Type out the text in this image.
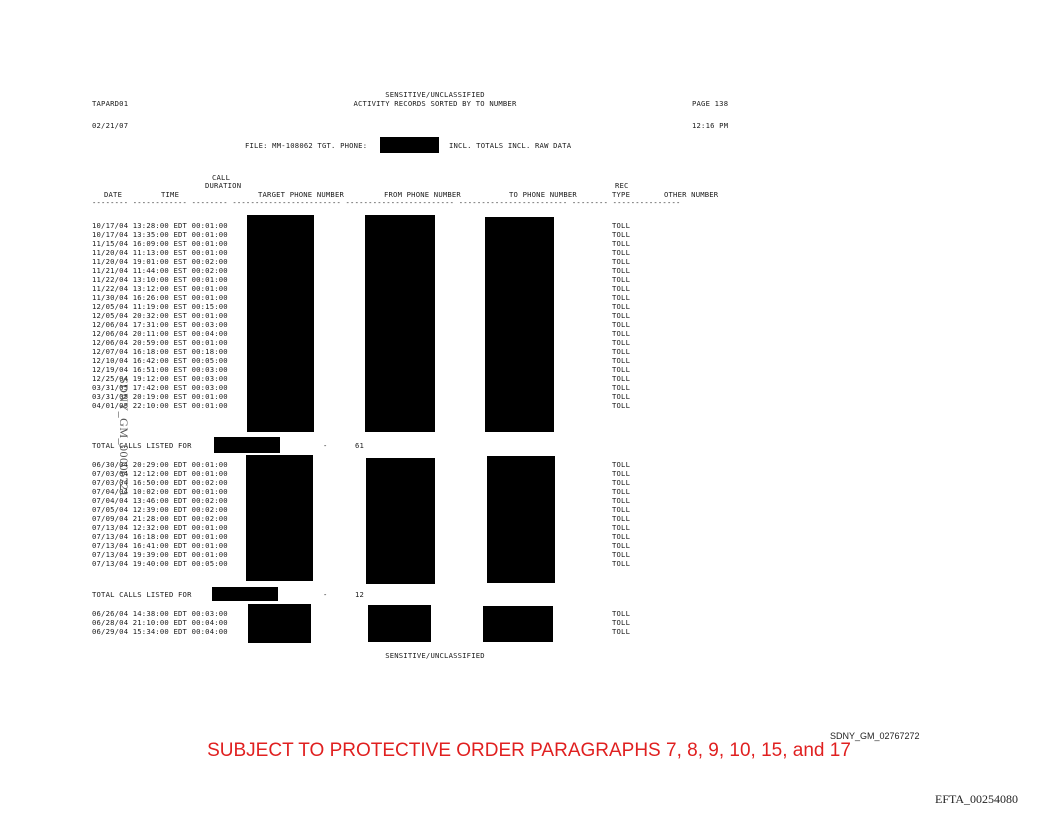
SENSITIVE/UNCLASSIFIED
ACTIVITY RECORDS SORTED BY TO NUMBER
TAPARD01	PAGE 138
02/21/07	12:16 PM
FILE: MM-108062 TGT. PHONE:	INCL. TOTALS INCL. RAW DATA
CALL
DURATION	REC
DATE	TIME	TARGET PHONE NUMBER	FROM PHONE NUMBER	TO PHONE NUMBER	TYPE	OTHER NUMBER
-------- ------------ -------- ------------------------ ------------------------ ------------------------ -------- ---------------
10/17/04 13:28:00 EDT 00:01:00	TOLL
10/17/04 13:35:00 EDT 00:01:00	TOLL
11/15/04 16:09:00 EST 00:01:00	TOLL
11/20/04 11:13:00 EST 00:01:00	TOLL
11/20/04 19:01:00 EST 00:02:00	TOLL
11/21/04 11:44:00 EST 00:02:00	TOLL
11/22/04 13:10:00 EST 00:01:00	TOLL
11/22/04 13:12:00 EST 00:01:00	TOLL
11/30/04 16:26:00 EST 00:01:00	TOLL
12/05/04 11:19:00 EST 00:15:00	TOLL
12/05/04 20:32:00 EST 00:01:00	TOLL
12/06/04 17:31:00 EST 00:03:00	TOLL
12/06/04 20:11:00 EST 00:04:00	TOLL
12/06/04 20:59:00 EST 00:01:00	TOLL
12/07/04 16:18:00 EST 00:18:00	TOLL
12/10/04 16:42:00 EST 00:05:00	TOLL
12/19/04 16:51:00 EST 00:03:00	TOLL
12/25/04 19:12:00 EST 00:03:00	TOLL
03/31/05 17:42:00 EST 00:03:00	TOLL
03/31/05 20:19:00 EST 00:01:00	TOLL
04/01/05 22:10:00 EST 00:01:00	TOLL
TOTAL CALLS LISTED FOR	-	61
06/30/04 20:29:00 EDT 00:01:00	TOLL
07/03/04 12:12:00 EDT 00:01:00	TOLL
07/03/04 16:50:00 EDT 00:02:00	TOLL
07/04/04 10:02:00 EDT 00:01:00	TOLL
07/04/04 13:46:00 EDT 00:02:00	TOLL
07/05/04 12:39:00 EDT 00:02:00	TOLL
07/09/04 21:28:00 EDT 00:02:00	TOLL
07/13/04 12:32:00 EDT 00:01:00	TOLL
07/13/04 16:18:00 EDT 00:01:00	TOLL
07/13/04 16:41:00 EDT 00:01:00	TOLL
07/13/04 19:39:00 EDT 00:01:00	TOLL
07/13/04 19:40:00 EDT 00:05:00	TOLL
TOTAL CALLS LISTED FOR	-	12
06/26/04 14:38:00 EDT 00:03:00	TOLL
06/28/04 21:10:00 EDT 00:04:00	TOLL
06/29/04 15:34:00 EDT 00:04:00	TOLL
SENSITIVE/UNCLASSIFIED
SDNY_GM_00006721
SDNY_GM_02767272
SUBJECT TO PROTECTIVE ORDER PARAGRAPHS 7, 8, 9, 10, 15, and 17
EFTA_00254080
